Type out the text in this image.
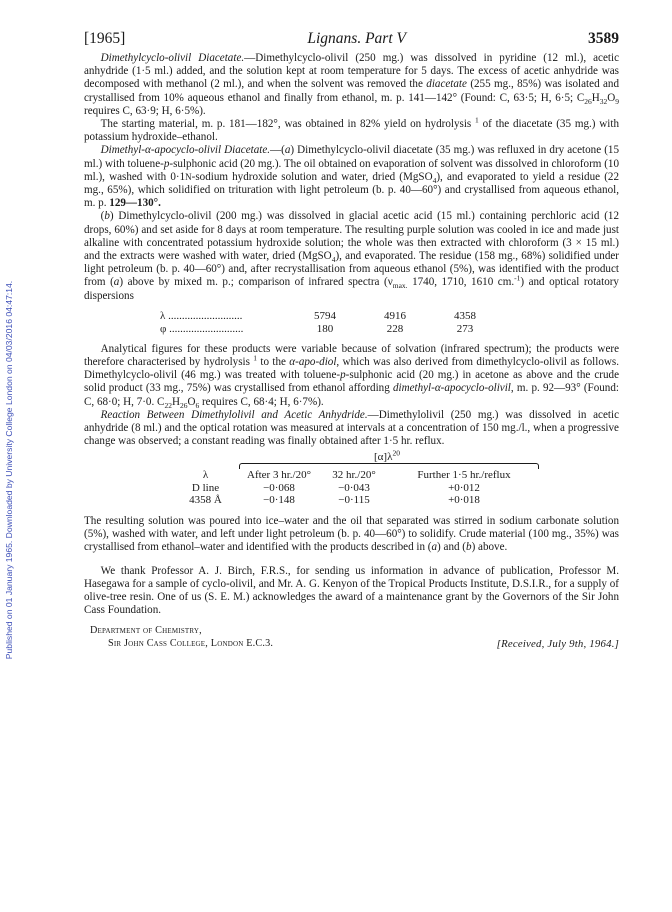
Published on 01 January 1965. Downloaded by University College London on 04/03/2016 04:47:14.
[1965]	Lignans. Part V	3589

Dimethylcyclo-olivil Diacetate.—Dimethylcyclo-olivil (250 mg.) was dissolved in pyridine (12 ml.), acetic anhydride (1·5 ml.) added, and the solution kept at room temperature for 5 days. The excess of acetic anhydride was decomposed with methanol (2 ml.), and when the solvent was removed the diacetate (255 mg., 85%) was isolated and crystallised from 10% aqueous ethanol and finally from ethanol, m. p. 141—142° (Found: C, 63·5; H, 6·5; $C_{26}H_{32}O_9$ requires C, 63·9; H, 6·5%).

The starting material, m. p. 181—182°, was obtained in 82% yield on hydrolysis $^1$ of the diacetate (35 mg.) with potassium hydroxide–ethanol.

Dimethyl-α-apocyclo-olivil Diacetate.—(a) Dimethylcyclo-olivil diacetate (35 mg.) was refluxed in dry acetone (15 ml.) with toluene-p-sulphonic acid (20 mg.). The oil obtained on evaporation of solvent was dissolved in chloroform (10 ml.), washed with 0·1N-sodium hydroxide solution and water, dried (MgSO$_4$), and evaporated to yield a residue (22 mg., 65%), which solidified on trituration with light petroleum (b. p. 40—60°) and crystallised from aqueous ethanol, m. p. 129—130°.

(b) Dimethylcyclo-olivil (200 mg.) was dissolved in glacial acetic acid (15 ml.) containing perchloric acid (12 drops, 60%) and set aside for 8 days at room temperature. The resulting purple solution was cooled in ice and made just alkaline with concentrated potassium hydroxide solution; the whole was then extracted with chloroform (3 × 15 ml.) and the extracts were washed with water, dried (MgSO$_4$), and evaporated. The residue (158 mg., 68%) solidified under light petroleum (b. p. 40—60°) and, after recrystallisation from aqueous ethanol (5%), was identified with the product from (a) above by mixed m. p.; comparison of infrared spectra ($\nu_{max.}$ 1740, 1710, 1610 cm.$^{-1}$) and optical rotatory dispersions

λ ...........................	5794	4916	4358
φ ...........................	180	228	273

Analytical figures for these products were variable because of solvation (infrared spectrum); the products were therefore characterised by hydrolysis $^1$ to the α-apo-diol, which was also derived from dimethylcyclo-olivil as follows. Dimethylcyclo-olivil (46 mg.) was treated with toluene-p-sulphonic acid (20 mg.) in acetone as above and the crude solid product (33 mg., 75%) was crystallised from ethanol affording dimethyl-α-apocyclo-olivil, m. p. 92—93° (Found: C, 68·0; H, 7·0. $C_{22}H_{26}O_6$ requires C, 68·4; H, 6·7%).

Reaction Between Dimethylolivil and Acetic Anhydride.—Dimethylolivil (250 mg.) was dissolved in acetic anhydride (8 ml.) and the optical rotation was measured at intervals at a concentration of 150 mg./l., when a progressive change was observed; a constant reading was finally obtained after 1·5 hr. reflux.

$[\alpha]\lambda^{20}$
λ	After 3 hr./20°	32 hr./20°	Further 1·5 hr./reflux
D line	−0·068	−0·043	+0·012
4358 Å	−0·148	−0·115	+0·018

The resulting solution was poured into ice–water and the oil that separated was stirred in sodium carbonate solution (5%), washed with water, and left under light petroleum (b. p. 40—60°) to solidify. Crude material (100 mg., 35%) was crystallised from ethanol–water and identified with the products described in (a) and (b) above.

We thank Professor A. J. Birch, F.R.S., for sending us information in advance of publication, Professor M. Hasegawa for a sample of cyclo-olivil, and Mr. A. G. Kenyon of the Tropical Products Institute, D.S.I.R., for a supply of olive-tree resin. One of us (S. E. M.) acknowledges the award of a maintenance grant by the Governors of the Sir John Cass Foundation.

Department of Chemistry,
Sir John Cass College, London E.C.3.	[Received, July 9th, 1964.]
